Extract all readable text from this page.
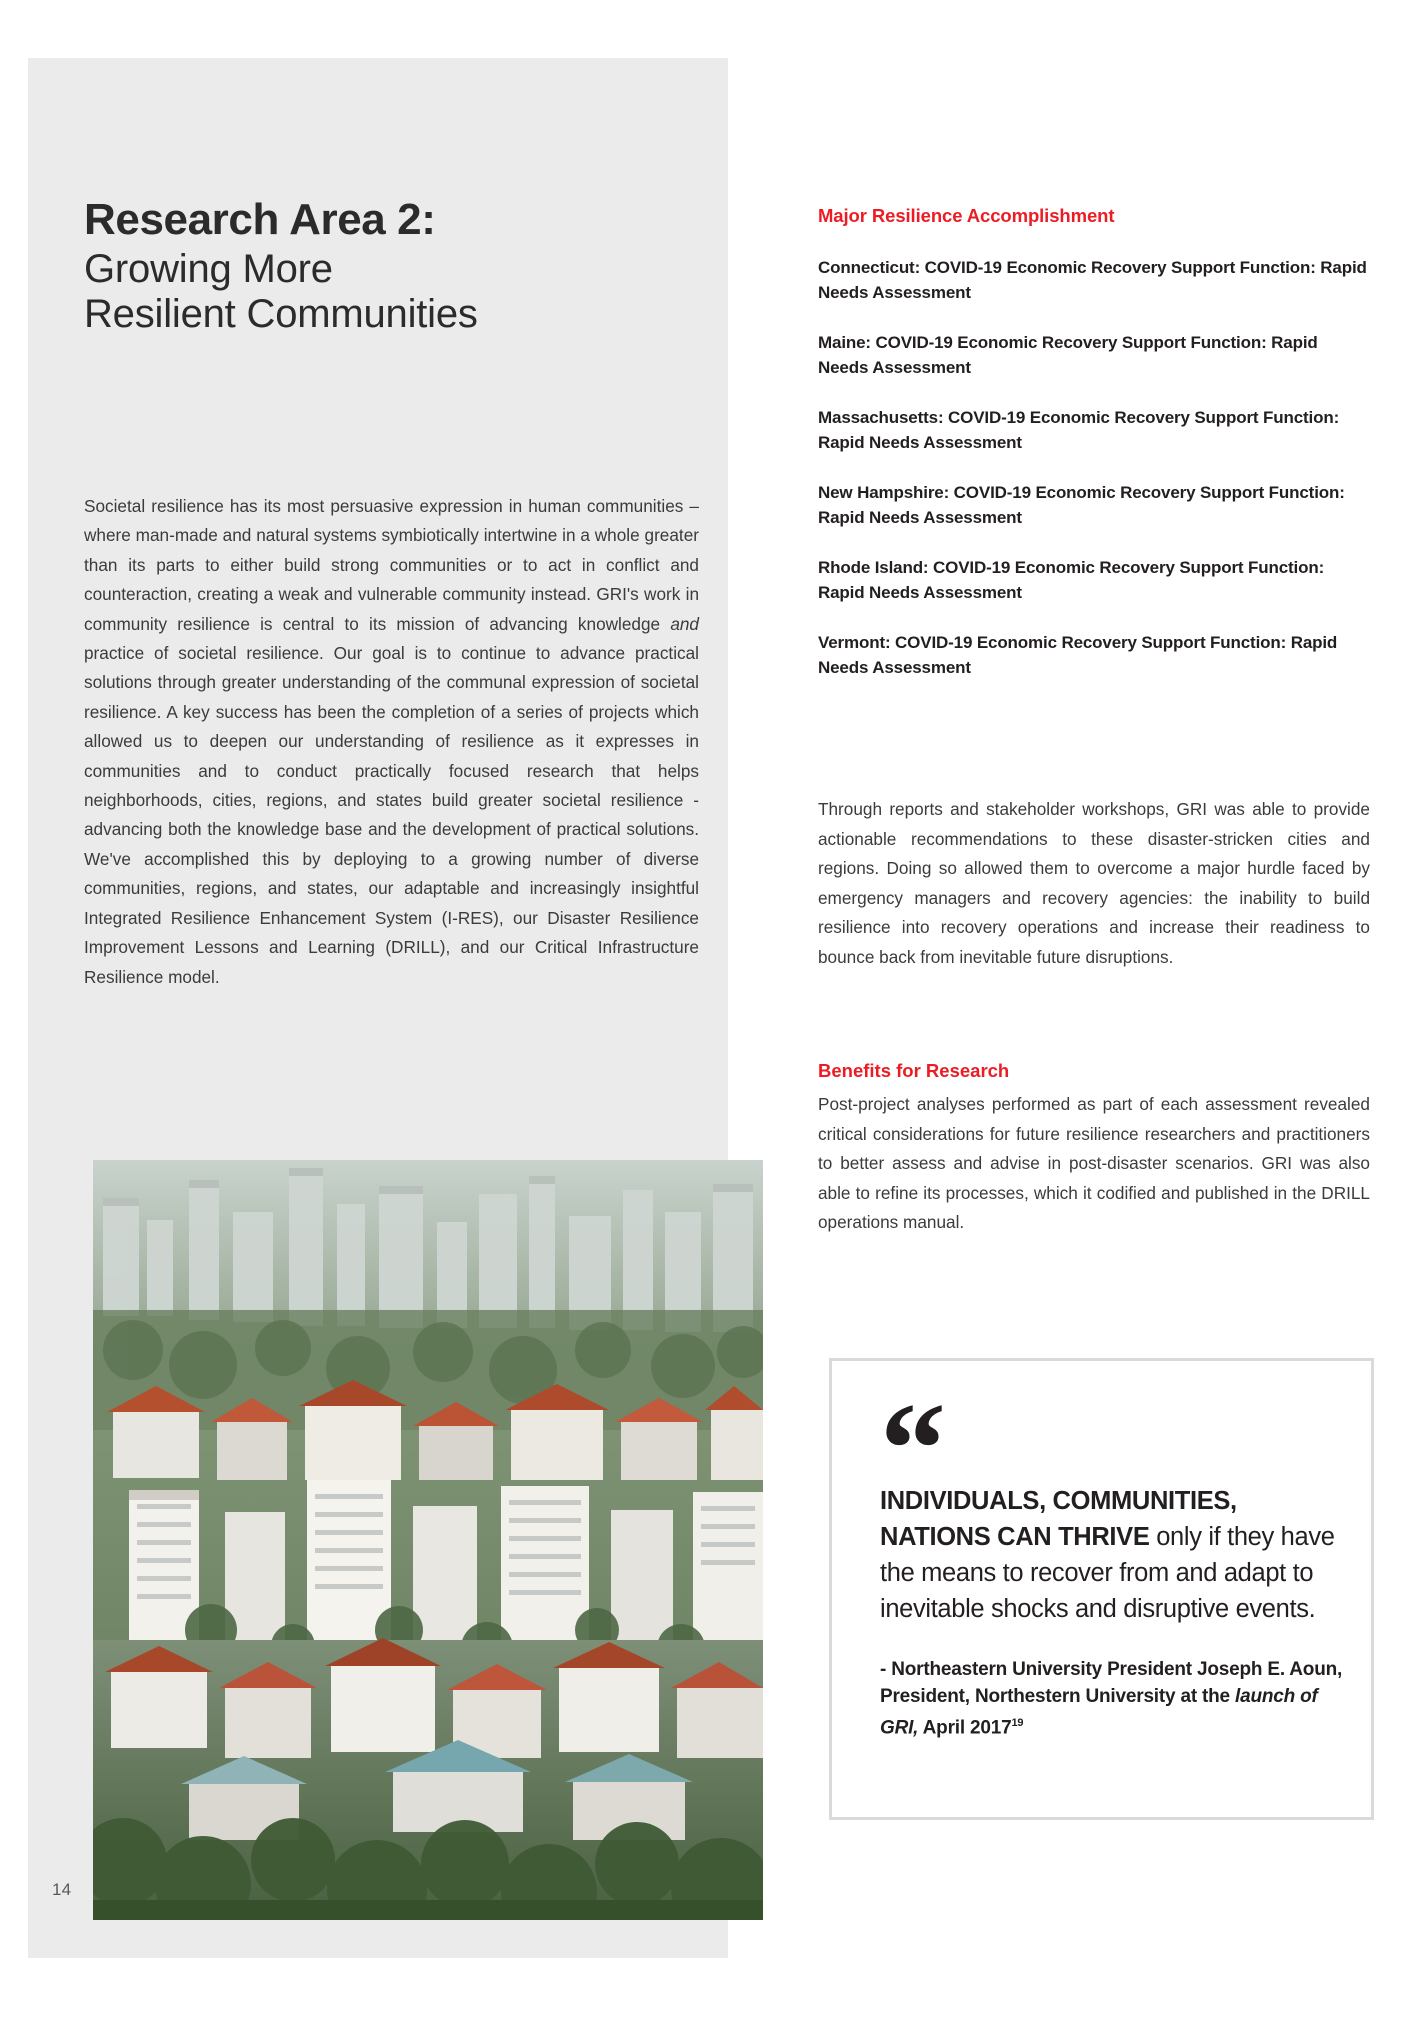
14
Research Area 2:
Growing More
Resilient Communities
Societal resilience has its most persuasive expression in human communities – where man-made and natural systems symbiotically intertwine in a whole greater than its parts to either build strong communities or to act in conflict and counteraction, creating a weak and vulnerable community instead. GRI's work in community resilience is central to its mission of advancing knowledge and practice of societal resilience. Our goal is to continue to advance practical solutions through greater understanding of the communal expression of societal resilience. A key success has been the completion of a series of projects which allowed us to deepen our understanding of resilience as it expresses in communities and to conduct practically focused research that helps neighborhoods, cities, regions, and states build greater societal resilience - advancing both the knowledge base and the development of practical solutions. We've accomplished this by deploying to a growing number of diverse communities, regions, and states, our adaptable and increasingly insightful Integrated Resilience Enhancement System (I-RES), our Disaster Resilience Improvement Lessons and Learning (DRILL), and our Critical Infrastructure Resilience model.
Major Resilience Accomplishment
Connecticut: COVID-19 Economic Recovery Support Function: Rapid Needs Assessment
Maine: COVID-19 Economic Recovery Support Function: Rapid Needs Assessment
Massachusetts: COVID-19 Economic Recovery Support Function: Rapid Needs Assessment
New Hampshire: COVID-19 Economic Recovery Support Function: Rapid Needs Assessment
Rhode Island: COVID-19 Economic Recovery Support Function: Rapid Needs Assessment
Vermont: COVID-19 Economic Recovery Support Function: Rapid Needs Assessment
Through reports and stakeholder workshops, GRI was able to provide actionable recommendations to these disaster-stricken cities and regions. Doing so allowed them to overcome a major hurdle faced by emergency managers and recovery agencies: the inability to build resilience into recovery operations and increase their readiness to bounce back from inevitable future disruptions.
Benefits for Research
Post-project analyses performed as part of each assessment revealed critical considerations for future resilience researchers and practitioners to better assess and advise in post-disaster scenarios. GRI was also able to refine its processes, which it codified and published in the DRILL operations manual.
“
INDIVIDUALS, COMMUNITIES, NATIONS CAN THRIVE only if they have the means to recover from and adapt to inevitable shocks and disruptive events.
- Northeastern University President Joseph E. Aoun, President, Northestern University at the launch of GRI, April 2017$^{19}$
